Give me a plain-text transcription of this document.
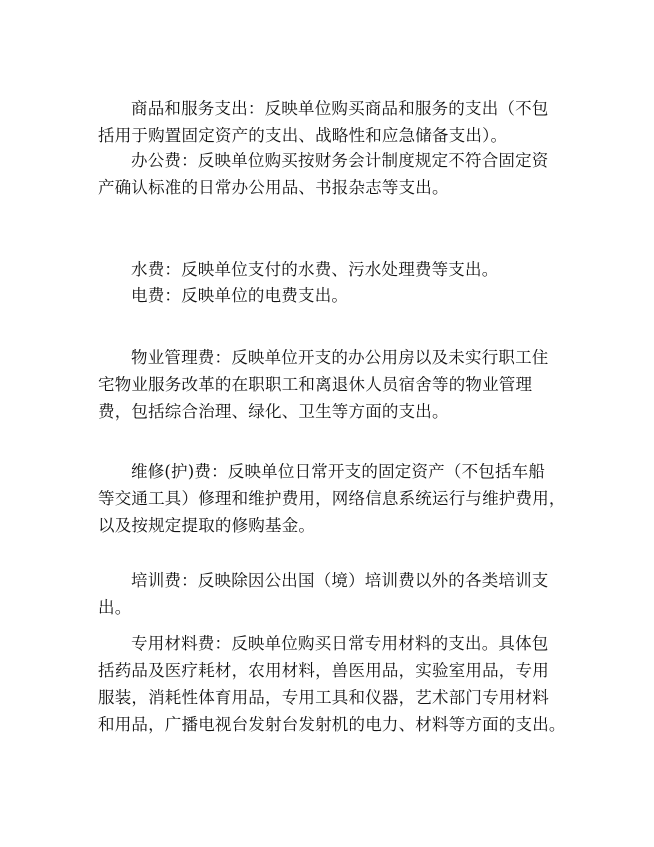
商品和服务支出：反映单位购买商品和服务的支出（不包
括用于购置固定资产的支出、战略性和应急储备支出）。

办公费：反映单位购买按财务会计制度规定不符合固定资
产确认标准的日常办公用品、书报杂志等支出。

水费：反映单位支付的水费、污水处理费等支出。

电费：反映单位的电费支出。

物业管理费：反映单位开支的办公用房以及未实行职工住
宅物业服务改革的在职职工和离退休人员宿舍等的物业管理
费，包括综合治理、绿化、卫生等方面的支出。

维修(护)费：反映单位日常开支的固定资产（不包括车船
等交通工具）修理和维护费用，网络信息系统运行与维护费用，
以及按规定提取的修购基金。

培训费：反映除因公出国（境）培训费以外的各类培训支
出。

专用材料费：反映单位购买日常专用材料的支出。具体包
括药品及医疗耗材，农用材料，兽医用品，实验室用品，专用
服装，消耗性体育用品，专用工具和仪器，艺术部门专用材料
和用品，广播电视台发射台发射机的电力、材料等方面的支出。
